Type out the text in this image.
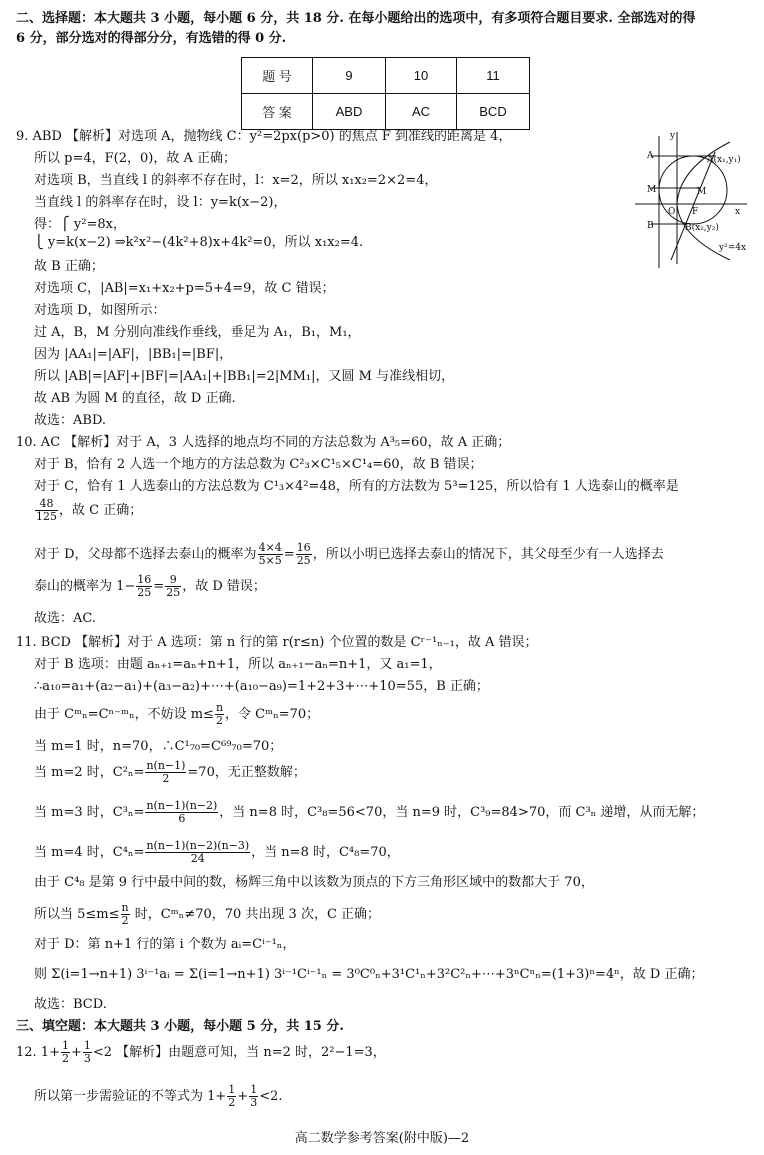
二、选择题：本大题共 3 小题，每小题 6 分，共 18 分. 在每小题给出的选项中，有多项符合题目要求. 全部选对的得
6 分，部分选对的得部分分，有选错的得 0 分.
题 号	9	10	11
答 案	ABD	AC	BCD
9. ABD 【解析】对选项 A，抛物线 C：y²=2px(p>0) 的焦点 F 到准线的距离是 4，
所以 p=4，F(2，0)，故 A 正确；
对选项 B，当直线 l 的斜率不存在时，l：x=2，所以 x₁x₂=2×2=4，
当直线 l 的斜率存在时，设 l：y=k(x−2)，
得：⎧ y²=8x，
⎩ y=k(x−2) ⇒k²x²−(4k²+8)x+4k²=0，所以 x₁x₂=4.
故 B 正确；
对选项 C，|AB|=x₁+x₂+p=5+4=9，故 C 错误；
对选项 D，如图所示：
过 A，B，M 分别向准线作垂线，垂足为 A₁，B₁，M₁，
因为 |AA₁|=|AF|，|BB₁|=|BF|，
所以 |AB|=|AF|+|BF|=|AA₁|+|BB₁|=2|MM₁|，又圆 M 与准线相切，
故 AB 为圆 M 的直径，故 D 正确.
故选：ABD.
y
x
O F
M	M
A	A(x₁,y₁)
B	B(x₂,y₂)
y²=4x
10. AC 【解析】对于 A，3 人选择的地点均不同的方法总数为 A³₅=60，故 A 正确；
对于 B，恰有 2 人选一个地方的方法总数为 C²₃×C¹₅×C¹₄=60，故 B 错误；
对于 C，恰有 1 人选泰山的方法总数为 C¹₃×4²=48，所有的方法数为 5³=125，所以恰有 1 人选泰山的概率是
$\frac{48}{125}$ ，故 C 正确；
对于 D，父母都不选择去泰山的概率为 $\frac{4\times 4}{5\times 5} = \frac{16}{25}$ ，所以小明已选择去泰山的情况下，其父母至少有一人选择去
泰山的概率为 $1- \frac{16}{25} = \frac{9}{25}$ ，故 D 错误；
故选：AC.
11. BCD 【解析】对于 A 选项：第 n 行的第 r(r≤n) 个位置的数是 Cʳ⁻¹ₙ₋₁，故 A 错误；
对于 B 选项：由题 aₙ₊₁=aₙ+n+1，所以 aₙ₊₁−aₙ=n+1，又 a₁=1，
∴a₁₀=a₁+(a₂−a₁)+(a₃−a₂)+⋯+(a₁₀−a₉)=1+2+3+⋯+10=55，B 正确；
由于 Cᵐₙ=Cⁿ⁻ᵐₙ，不妨设 $m\le \frac{n}{2}$ ，令 Cᵐₙ=70；
当 m=1 时，n=70，∴C¹₇₀=C⁶⁹₇₀=70；
当 m=2 时，$C^2_n= \frac{n(n-1)}{2} =70$，无正整数解；
当 m=3 时，$C^3_n= \frac{n(n-1)(n-2)}{6}$ ，当 n=8 时，C³₈=56<70，当 n=9 时，C³₉=84>70，而 C³ₙ 递增，从而无解；
当 m=4 时，$C^4_n= \frac{n(n-1)(n-2)(n-3)}{24}$ ，当 n=8 时，C⁴₈=70，
由于 C⁴₈ 是第 9 行中最中间的数，杨辉三角中以该数为顶点的下方三角形区域中的数都大于 70，
所以当 $5\le m\le \frac{n}{2}$ 时，Cᵐₙ≠70，70 共出现 3 次，C 正确；
对于 D：第 n+1 行的第 i 个数为 aᵢ=Cⁱ⁻¹ₙ，
则 Σ(i=1→n+1) 3ⁱ⁻¹aᵢ = Σ(i=1→n+1) 3ⁱ⁻¹Cⁱ⁻¹ₙ = 3⁰C⁰ₙ+3¹C¹ₙ+3²C²ₙ+⋯+3ⁿCⁿₙ=(1+3)ⁿ=4ⁿ，故 D 正确；
故选：BCD.
三、填空题：本大题共 3 小题，每小题 5 分，共 15 分.
12. $1+ \frac{1}{2} + \frac{1}{3} <2$ 【解析】由题意可知，当 n=2 时，2²−1=3，
所以第一步需验证的不等式为 $1+ \frac{1}{2} + \frac{1}{3} <2$.
高二数学参考答案(附中版)—2
